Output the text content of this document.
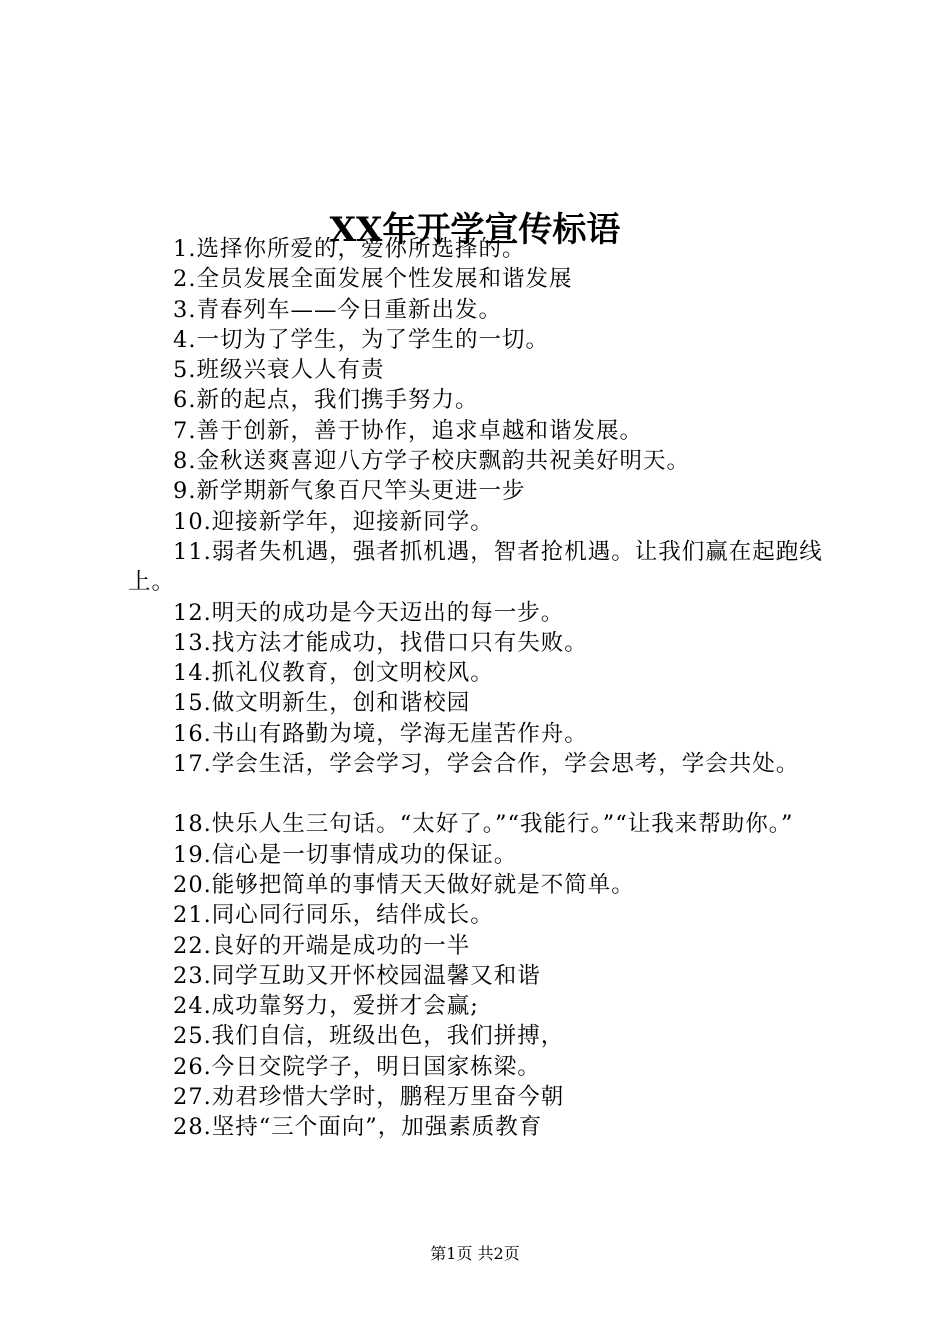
XX年开学宣传标语
1.选择你所爱的，爱你所选择的。
2.全员发展全面发展个性发展和谐发展
3.青春列车——今日重新出发。
4.一切为了学生，为了学生的一切。
5.班级兴衰人人有责
6.新的起点，我们携手努力。
7.善于创新，善于协作，追求卓越和谐发展。
8.金秋送爽喜迎八方学子校庆飘韵共祝美好明天。
9.新学期新气象百尺竿头更进一步
10.迎接新学年，迎接新同学。
11.弱者失机遇，强者抓机遇，智者抢机遇。让我们赢在起跑线上。
12.明天的成功是今天迈出的每一步。
13.找方法才能成功，找借口只有失败。
14.抓礼仪教育，创文明校风。
15.做文明新生，创和谐校园
16.书山有路勤为境，学海无崖苦作舟。
17.学会生活，学会学习，学会合作，学会思考，学会共处。
18.快乐人生三句话。“太好了。”“我能行。”“让我来帮助你。”
19.信心是一切事情成功的保证。
20.能够把简单的事情天天做好就是不简单。
21.同心同行同乐，结伴成长。
22.良好的开端是成功的一半
23.同学互助又开怀校园温馨又和谐
24.成功靠努力，爱拼才会赢;
25.我们自信，班级出色，我们拼搏，
26.今日交院学子，明日国家栋梁。
27.劝君珍惜大学时，鹏程万里奋今朝
28.坚持“三个面向”，加强素质教育
第1页 共2页
